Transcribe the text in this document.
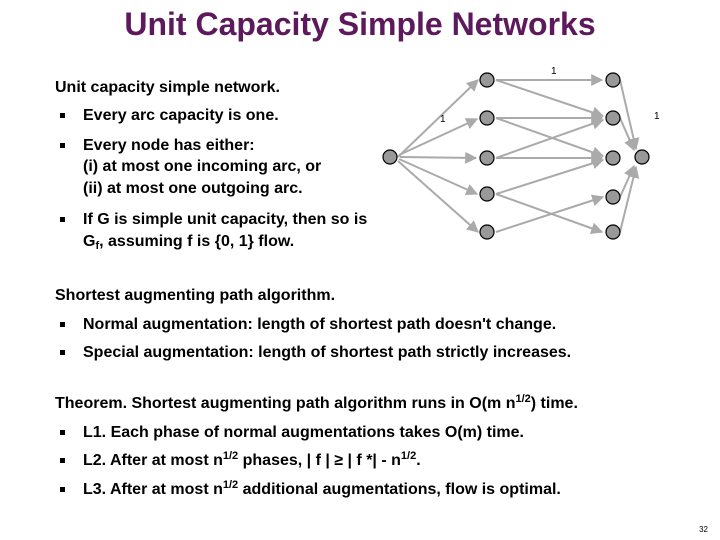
Unit Capacity Simple Networks
Unit capacity simple network.
Every arc capacity is one.
Every node has either:
(i) at most one incoming arc, or
(ii) at most one outgoing arc.
If G is simple unit capacity, then so is
$G_f$, assuming f is {0, 1} flow.
1
1	1
Shortest augmenting path algorithm.
Normal augmentation: length of shortest path doesn't change.
Special augmentation: length of shortest path strictly increases.
Theorem. Shortest augmenting path algorithm runs in O(m $n^{1/2}$) time.
L1. Each phase of normal augmentations takes O(m) time.
L2. After at most $n^{1/2}$ phases, | f | ≥ | f *| - $n^{1/2}$.
L3. After at most $n^{1/2}$ additional augmentations, flow is optimal.
32
